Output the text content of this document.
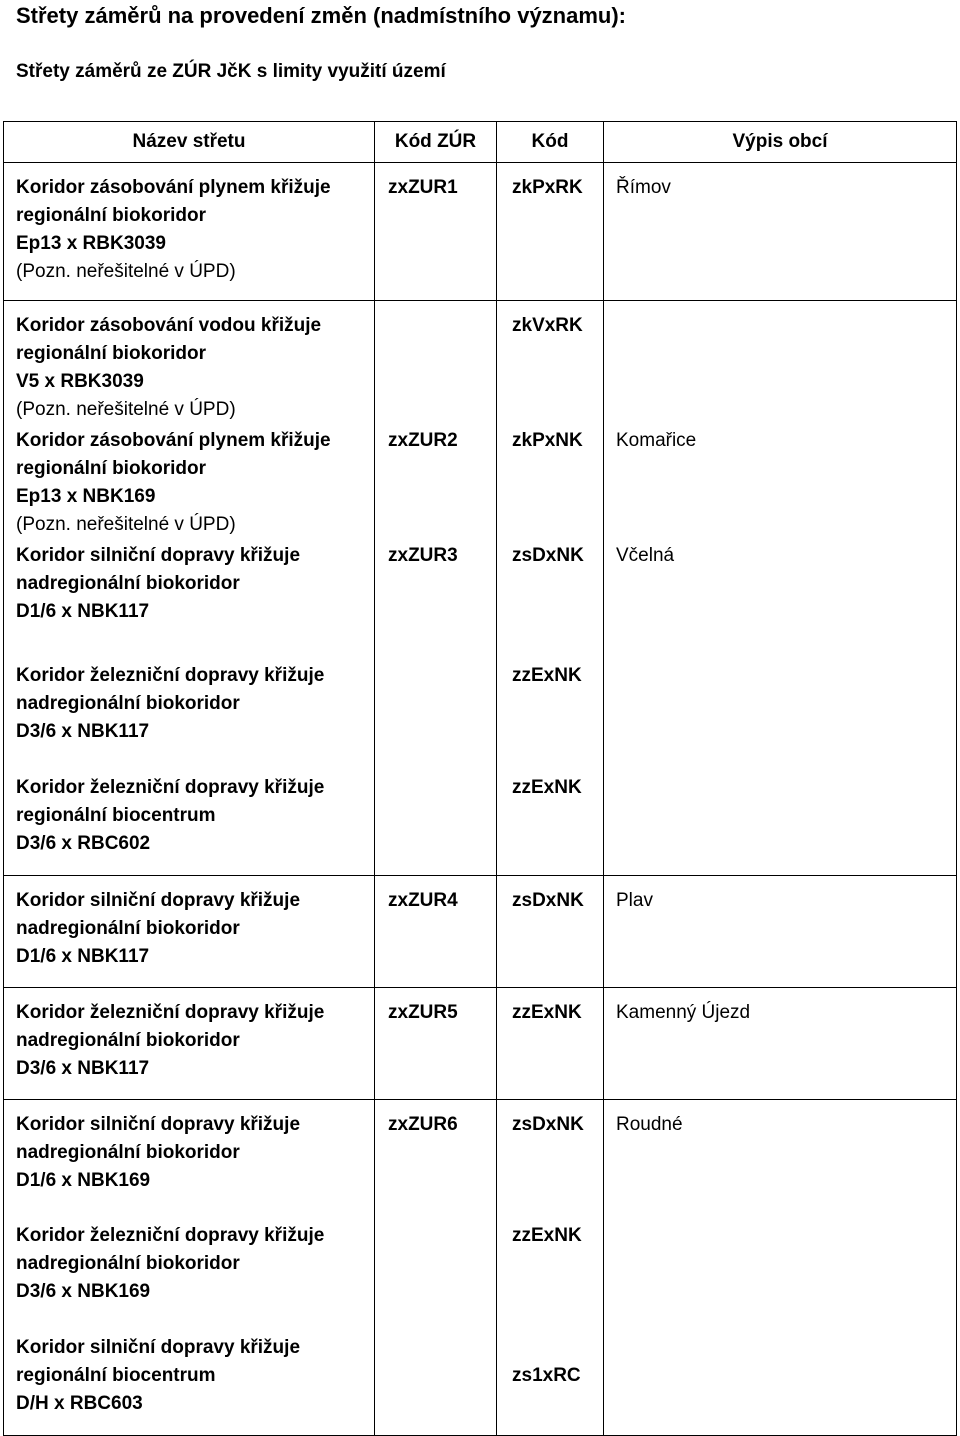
Střety záměrů na provedení změn (nadmístního významu):
Střety záměrů ze ZÚR JčK s limity využití území
Název střetu	Kód ZÚR	Kód	Výpis obcí

Koridor zásobování plynem křižuje
regionální biokoridor
Ep13 x RBK3039
(Pozn. neřešitelné v ÚPD)	zxZUR1	zkPxRK	Římov

Koridor zásobování vodou křižuje
regionální biokoridor
V5 x RBK3039
(Pozn. neřešitelné v ÚPD)		zkVxRK	

Koridor zásobování plynem křižuje
regionální biokoridor
Ep13 x NBK169
(Pozn. neřešitelné v ÚPD)	zxZUR2	zkPxNK	Komařice

Koridor silniční dopravy křižuje
nadregionální biokoridor
D1/6 x NBK117	zxZUR3	zsDxNK	Včelná

Koridor železniční dopravy křižuje
nadregionální biokoridor
D3/6 x NBK117		zzExNK	

Koridor železniční dopravy křižuje
regionální biocentrum
D3/6 x RBC602		zzExNK	

Koridor silniční dopravy křižuje
nadregionální biokoridor
D1/6 x NBK117	zxZUR4	zsDxNK	Plav

Koridor železniční dopravy křižuje
nadregionální biokoridor
D3/6 x NBK117	zxZUR5	zzExNK	Kamenný Újezd

Koridor silniční dopravy křižuje
nadregionální biokoridor
D1/6 x NBK169	zxZUR6	zsDxNK	Roudné

Koridor železniční dopravy křižuje
nadregionální biokoridor
D3/6 x NBK169		zzExNK	

Koridor silniční dopravy křižuje
regionální biocentrum
D/H x RBC603		zs1xRC	
